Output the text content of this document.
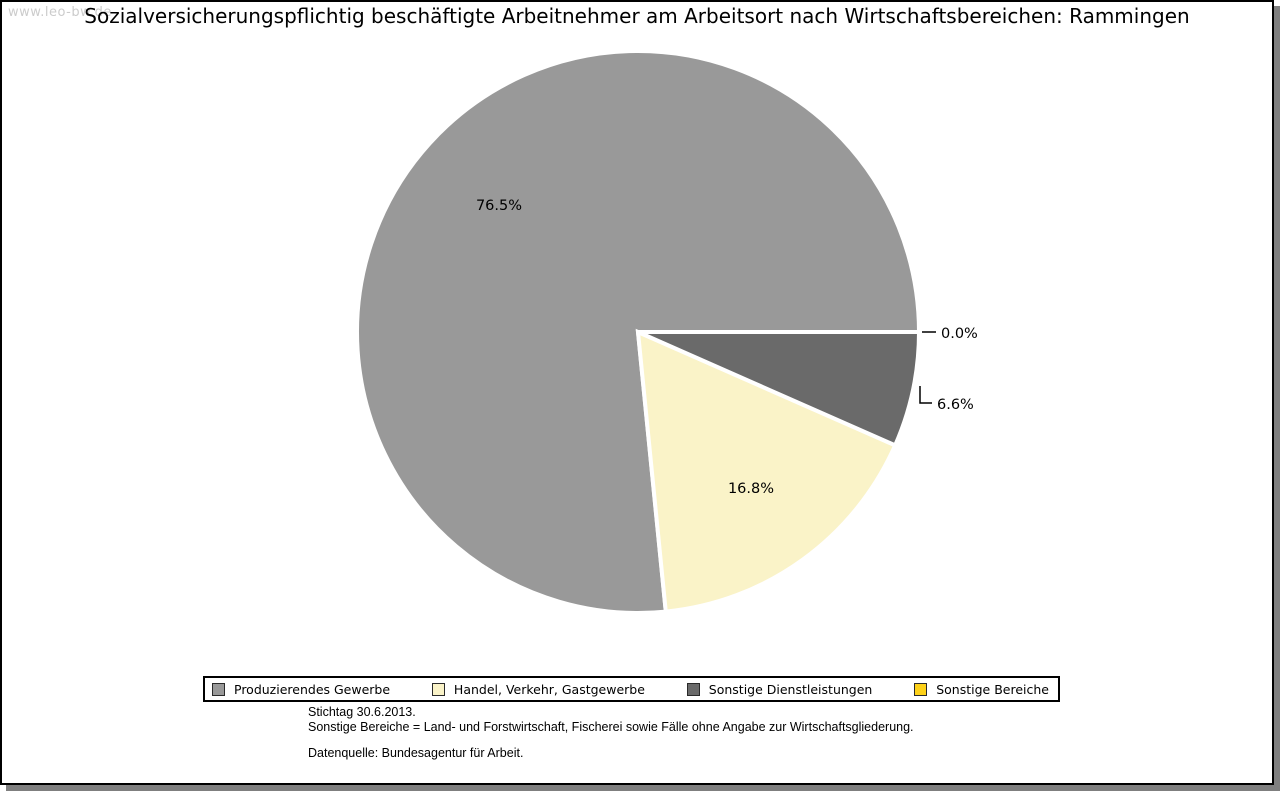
www.leo-bw.de
Sozialversicherungspflichtig beschäftigte Arbeitnehmer am Arbeitsort nach Wirtschaftsbereichen: Rammingen
76.5%
16.8%
6.6%
0.0%
Produzierendes Gewerbe	Handel, Verkehr, Gastgewerbe	Sonstige Dienstleistungen	Sonstige Bereiche
Stichtag 30.6.2013.
Sonstige Bereiche = Land- und Forstwirtschaft, Fischerei sowie Fälle ohne Angabe zur Wirtschaftsgliederung.
Datenquelle: Bundesagentur für Arbeit.
